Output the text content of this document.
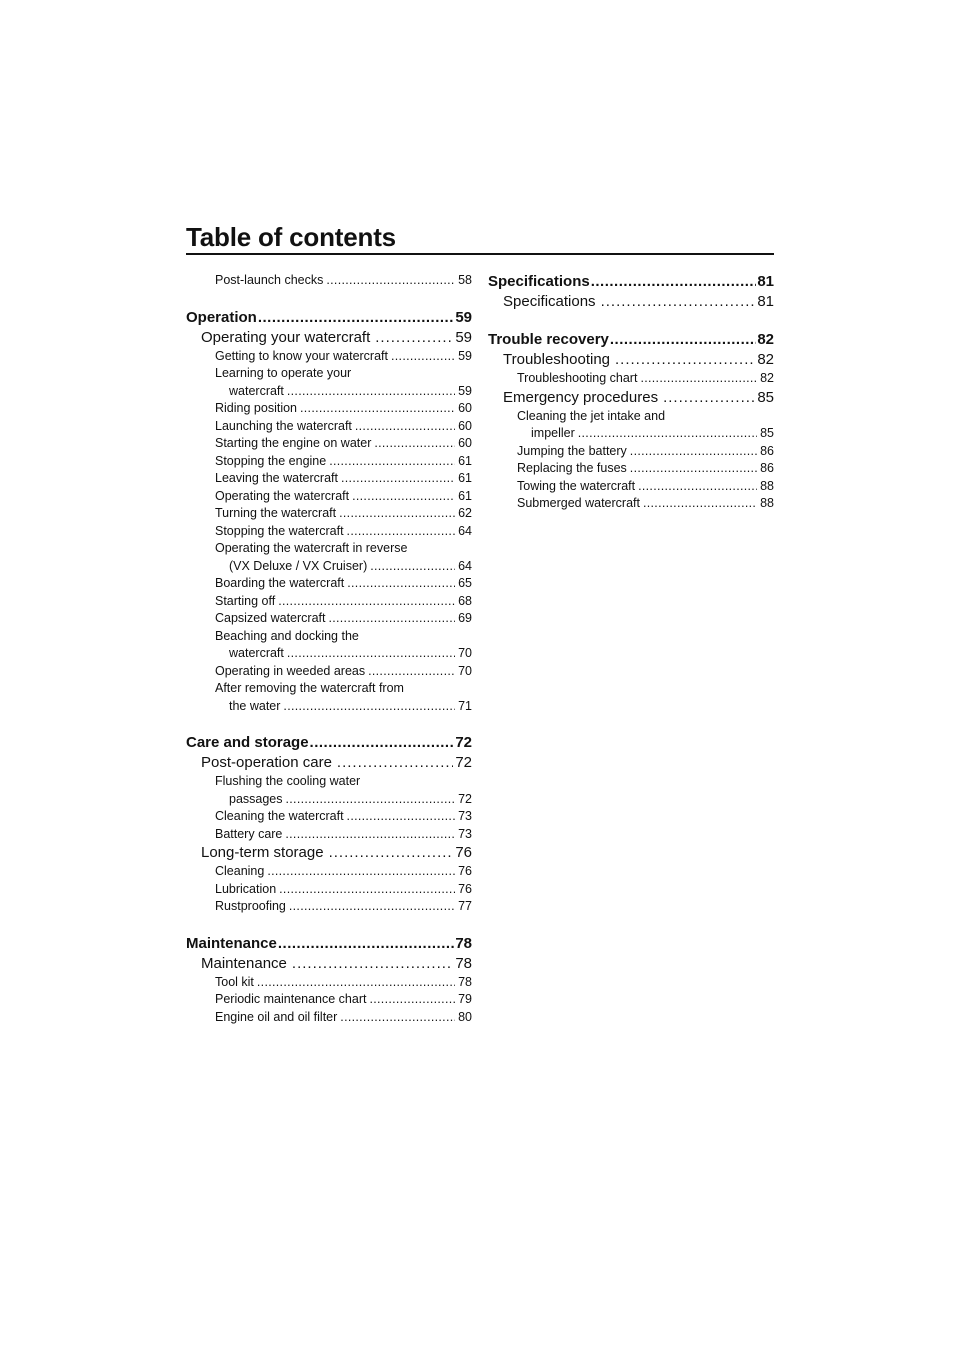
Table of contents
Post-launch checks .....	58
Operation .....	59
Operating your watercraft .....	59
Getting to know your watercraft .....	59
Learning to operate your
watercraft .....	59
Riding position .....	60
Launching the watercraft .....	60
Starting the engine on water .....	60
Stopping the engine .....	61
Leaving the watercraft .....	61
Operating the watercraft .....	61
Turning the watercraft .....	62
Stopping the watercraft .....	64
Operating the watercraft in reverse
(VX Deluxe / VX Cruiser) .....	64
Boarding the watercraft .....	65
Starting off .....	68
Capsized watercraft .....	69
Beaching and docking the
watercraft .....	70
Operating in weeded areas .....	70
After removing the watercraft from
the water .....	71
Care and storage .....	72
Post-operation care .....	72
Flushing the cooling water
passages .....	72
Cleaning the watercraft .....	73
Battery care .....	73
Long-term storage .....	76
Cleaning .....	76
Lubrication .....	76
Rustproofing .....	77
Maintenance .....	78
Maintenance .....	78
Tool kit .....	78
Periodic maintenance chart .....	79
Engine oil and oil filter .....	80
Specifications .....	81
Specifications .....	81
Trouble recovery .....	82
Troubleshooting .....	82
Troubleshooting chart .....	82
Emergency procedures .....	85
Cleaning the jet intake and
impeller .....	85
Jumping the battery .....	86
Replacing the fuses .....	86
Towing the watercraft .....	88
Submerged watercraft .....	88
